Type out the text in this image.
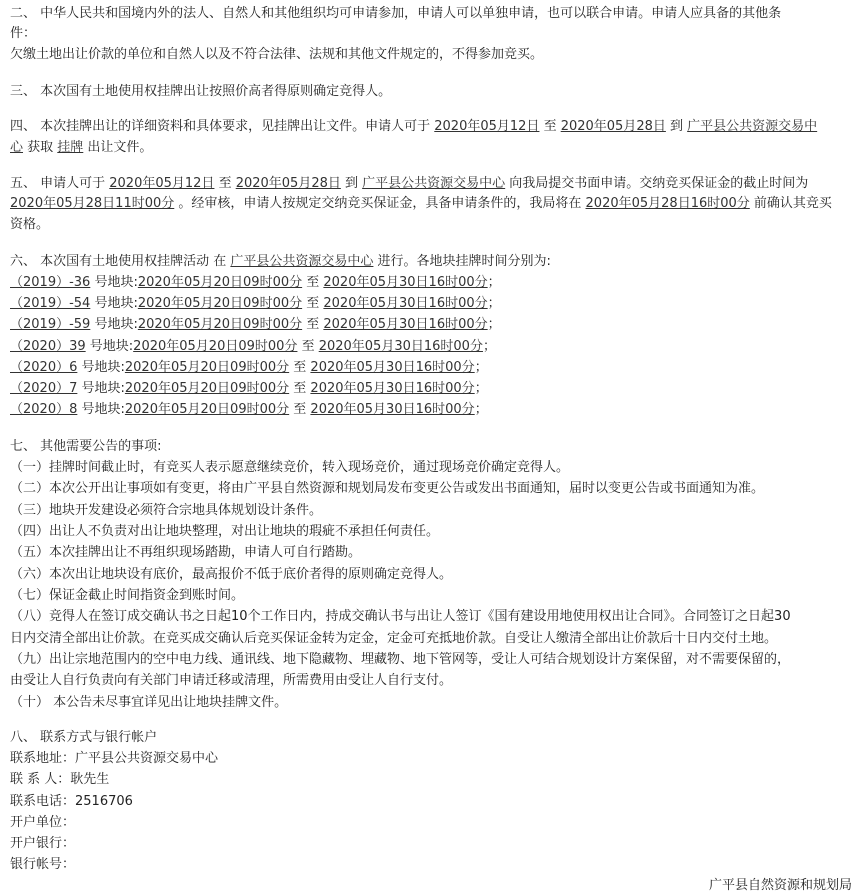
二、 中华人民共和国境内外的法人、自然人和其他组织均可申请参加，申请人可以单独申请，也可以联合申请。申请人应具备的其他条
件：
欠缴土地出让价款的单位和自然人以及不符合法律、法规和其他文件规定的，不得参加竞买。
三、 本次国有土地使用权挂牌出让按照价高者得原则确定竞得人。
四、 本次挂牌出让的详细资料和具体要求，见挂牌出让文件。申请人可于 2020年05月12日 至 2020年05月28日 到 广平县公共资源交易中
心 获取 挂牌 出让文件。
五、 申请人可于 2020年05月12日 至 2020年05月28日 到 广平县公共资源交易中心 向我局提交书面申请。交纳竞买保证金的截止时间为
2020年05月28日11时00分 。经审核，申请人按规定交纳竞买保证金，具备申请条件的，我局将在 2020年05月28日16时00分 前确认其竞买
资格。
六、 本次国有土地使用权挂牌活动 在 广平县公共资源交易中心 进行。各地块挂牌时间分别为:
（2019）-36 号地块:2020年05月20日09时00分 至 2020年05月30日16时00分；
（2019）-54 号地块:2020年05月20日09时00分 至 2020年05月30日16时00分；
（2019）-59 号地块:2020年05月20日09时00分 至 2020年05月30日16时00分；
（2020）39 号地块:2020年05月20日09时00分 至 2020年05月30日16时00分；
（2020）6 号地块:2020年05月20日09时00分 至 2020年05月30日16时00分；
（2020）7 号地块:2020年05月20日09时00分 至 2020年05月30日16时00分；
（2020）8 号地块:2020年05月20日09时00分 至 2020年05月30日16时00分；
七、 其他需要公告的事项:
（一）挂牌时间截止时，有竞买人表示愿意继续竞价，转入现场竞价，通过现场竞价确定竞得人。
（二）本次公开出让事项如有变更，将由广平县自然资源和规划局发布变更公告或发出书面通知，届时以变更公告或书面通知为准。
（三）地块开发建设必须符合宗地具体规划设计条件。
（四）出让人不负责对出让地块整理，对出让地块的瑕疵不承担任何责任。
（五）本次挂牌出让不再组织现场踏勘，申请人可自行踏勘。
（六）本次出让地块设有底价，最高报价不低于底价者得的原则确定竞得人。
（七）保证金截止时间指资金到账时间。
（八）竞得人在签订成交确认书之日起10个工作日内，持成交确认书与出让人签订《国有建设用地使用权出让合同》。合同签订之日起30
日内交清全部出让价款。在竞买成交确认后竞买保证金转为定金，定金可充抵地价款。自受让人缴清全部出让价款后十日内交付土地。
（九）出让宗地范围内的空中电力线、通讯线、地下隐藏物、埋藏物、地下管网等，受让人可结合规划设计方案保留，对不需要保留的，
由受让人自行负责向有关部门申请迁移或清理，所需费用由受让人自行支付。
（十） 本公告未尽事宜详见出让地块挂牌文件。
八、 联系方式与银行帐户
联系地址：广平县公共资源交易中心
联 系 人：耿先生
联系电话：2516706
开户单位：
开户银行：
银行帐号：
广平县自然资源和规划局
